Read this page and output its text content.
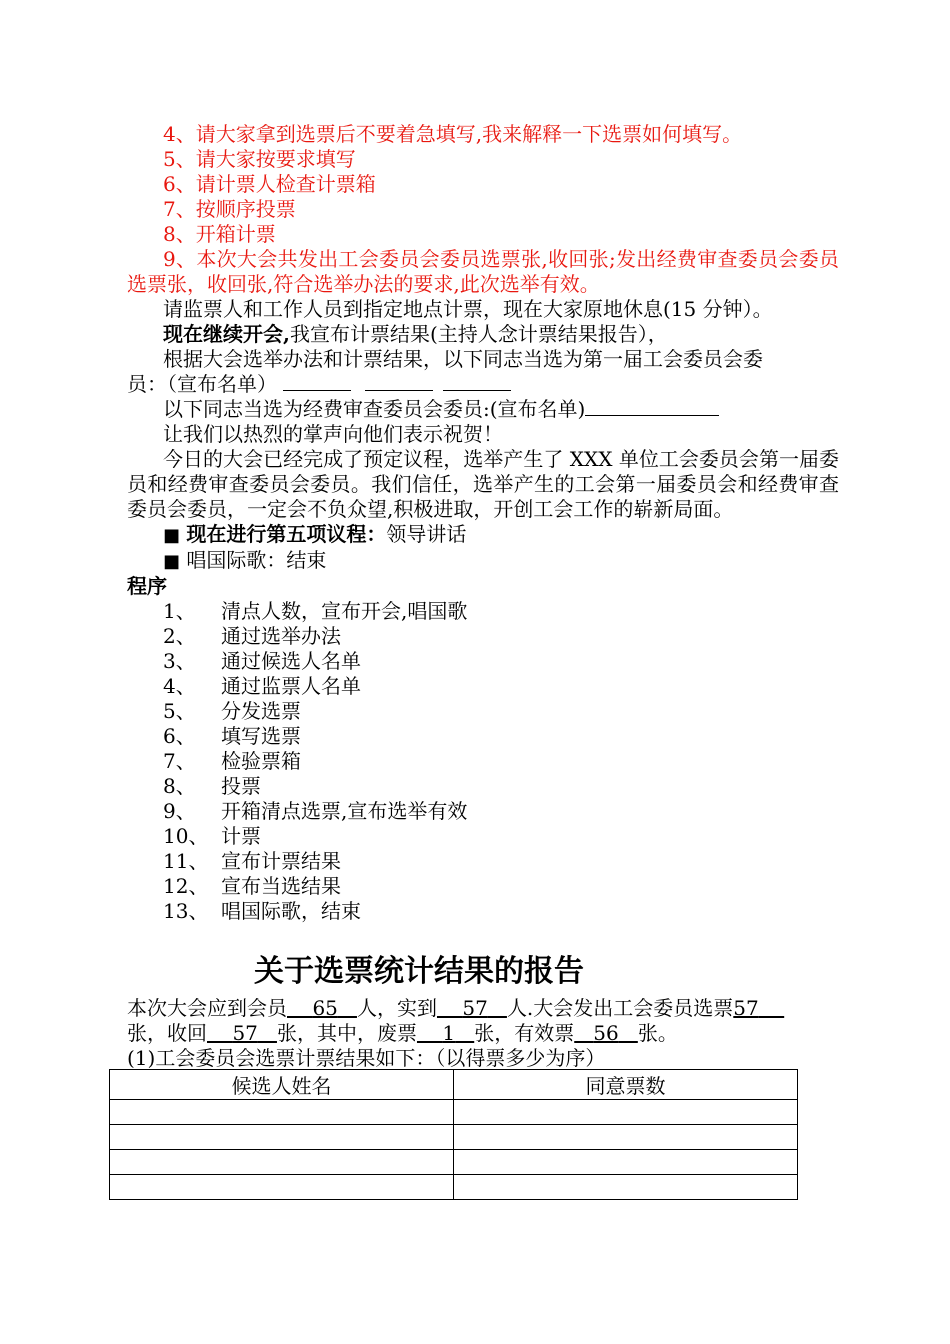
4、请大家拿到选票后不要着急填写,我来解释一下选票如何填写。

5、请大家按要求填写

6、请计票人检查计票箱

7、按顺序投票

8、开箱计票

9、本次大会共发出工会委员会委员选票张,收回张;发出经费审查委员会委员选票张，收回张,符合选举办法的要求,此次选举有效。

请监票人和工作人员到指定地点计票，现在大家原地休息(15 分钟）。

现在继续开会,我宣布计票结果(主持人念计票结果报告），

根据大会选举办法和计票结果，以下同志当选为第一届工会委员会委

员：（宣布名单）

以下同志当选为经费审查委员会委员:(宣布名单)

让我们以热烈的掌声向他们表示祝贺！

今日的大会已经完成了预定议程，选举产生了 XXX 单位工会委员会第一届委员和经费审查委员会委员。我们信任，选举产生的工会第一届委员会和经费审查委员会委员，一定会不负众望,积极进取，开创工会工作的崭新局面。

■ 现在进行第五项议程：领导讲话

■ 唱国际歌：结束

程序

1、 清点人数，宣布开会,唱国歌

2、 通过选举办法

3、 通过候选人名单

4、 通过监票人名单

5、 分发选票

6、 填写选票

7、 检验票箱

8、 投票

9、 开箱清点选票,宣布选举有效

10、 计票

11、 宣布计票结果

12、 宣布当选结果

13、 唱国际歌，结束

关于选票统计结果的报告

本次大会应到会员 65 人，实到 57 人.大会发出工会委员选票57

张，收回 57 张，其中，废票 1 张，有效票 56 张。

(1)工会委员会选票计票结果如下：（以得票多少为序）

候选人姓名	同意票数
